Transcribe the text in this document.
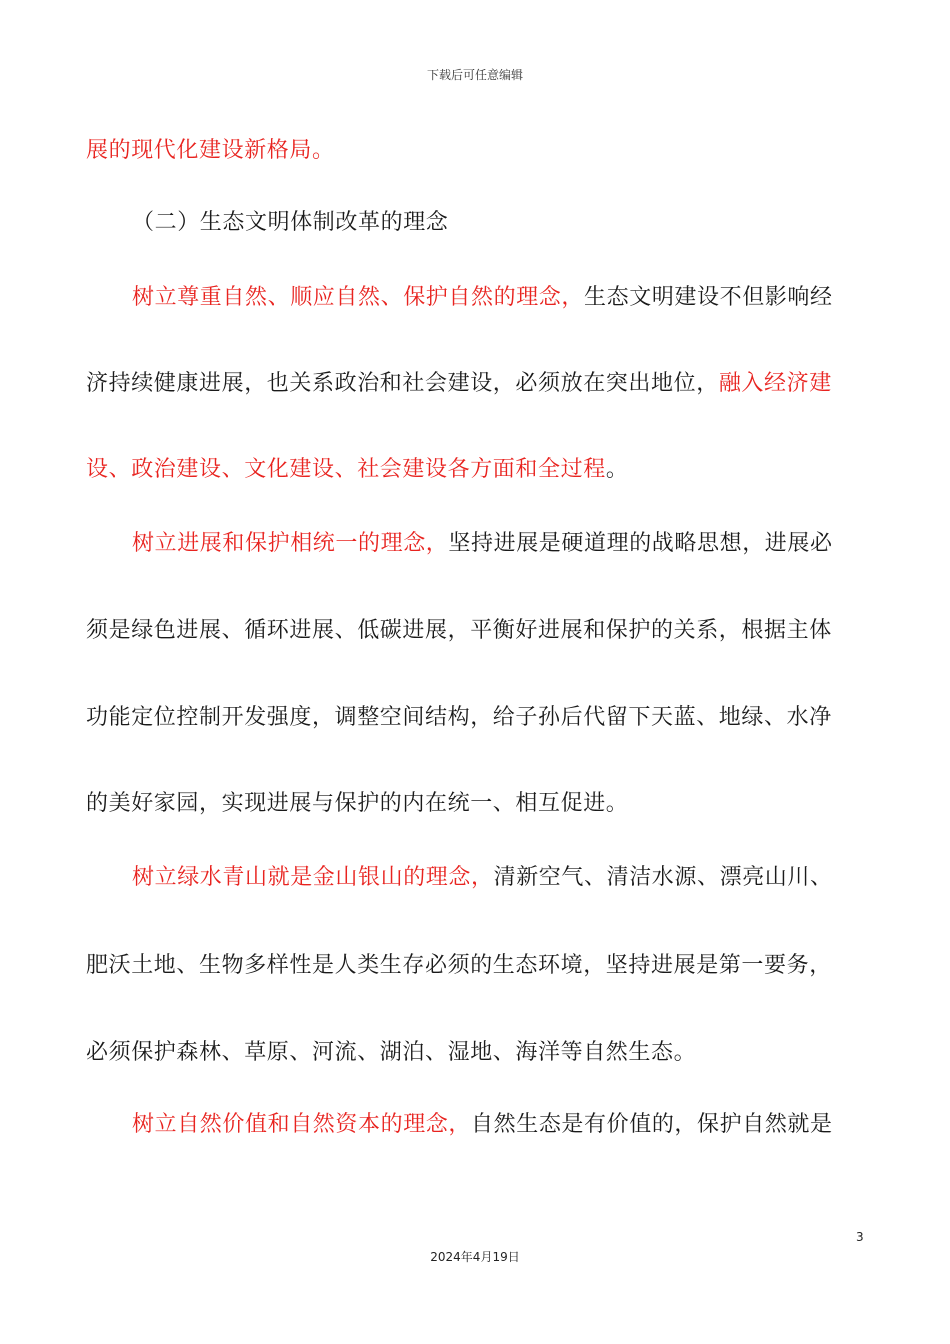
下载后可任意编辑
展的现代化建设新格局。
（二）生态文明体制改革的理念
树立尊重自然、顺应自然、保护自然的理念，生态文明建设不但影响经
济持续健康进展，也关系政治和社会建设，必须放在突出地位，融入经济建
设、政治建设、文化建设、社会建设各方面和全过程。
树立进展和保护相统一的理念，坚持进展是硬道理的战略思想，进展必
须是绿色进展、循环进展、低碳进展，平衡好进展和保护的关系，根据主体
功能定位控制开发强度，调整空间结构，给子孙后代留下天蓝、地绿、水净
的美好家园，实现进展与保护的内在统一、相互促进。
树立绿水青山就是金山银山的理念，清新空气、清洁水源、漂亮山川、
肥沃土地、生物多样性是人类生存必须的生态环境，坚持进展是第一要务，
必须保护森林、草原、河流、湖泊、湿地、海洋等自然生态。
树立自然价值和自然资本的理念，自然生态是有价值的，保护自然就是
3
2024年4月19日
